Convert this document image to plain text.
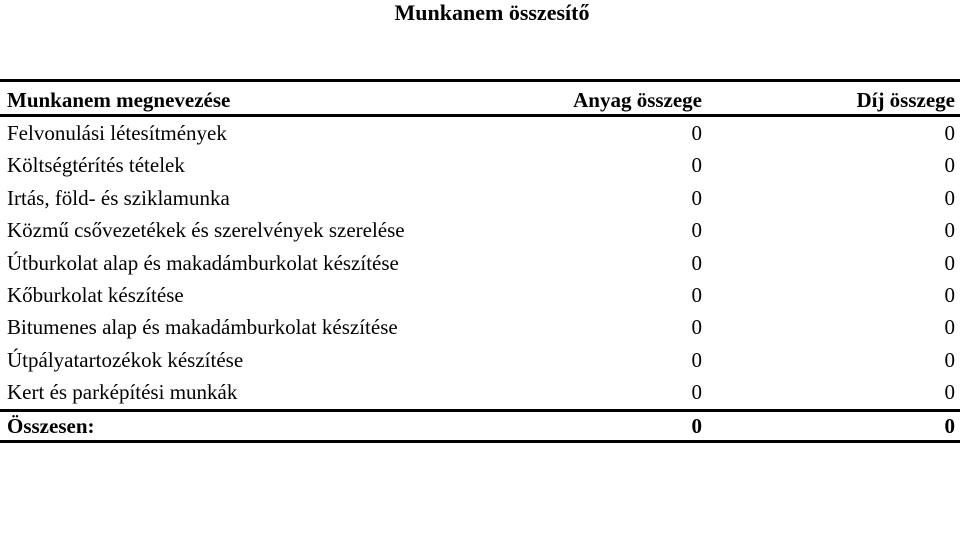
Munkanem összesítő
Munkanem megnevezése	Anyag összege	Díj összege
Felvonulási létesítmények	0	0
Költségtérítés tételek	0	0
Irtás, föld- és sziklamunka	0	0
Közmű csővezetékek és szerelvények szerelése	0	0
Útburkolat alap és makadámburkolat készítése	0	0
Kőburkolat készítése	0	0
Bitumenes alap és makadámburkolat készítése	0	0
Útpályatartozékok készítése	0	0
Kert és parképítési munkák	0	0
Összesen:	0	0
